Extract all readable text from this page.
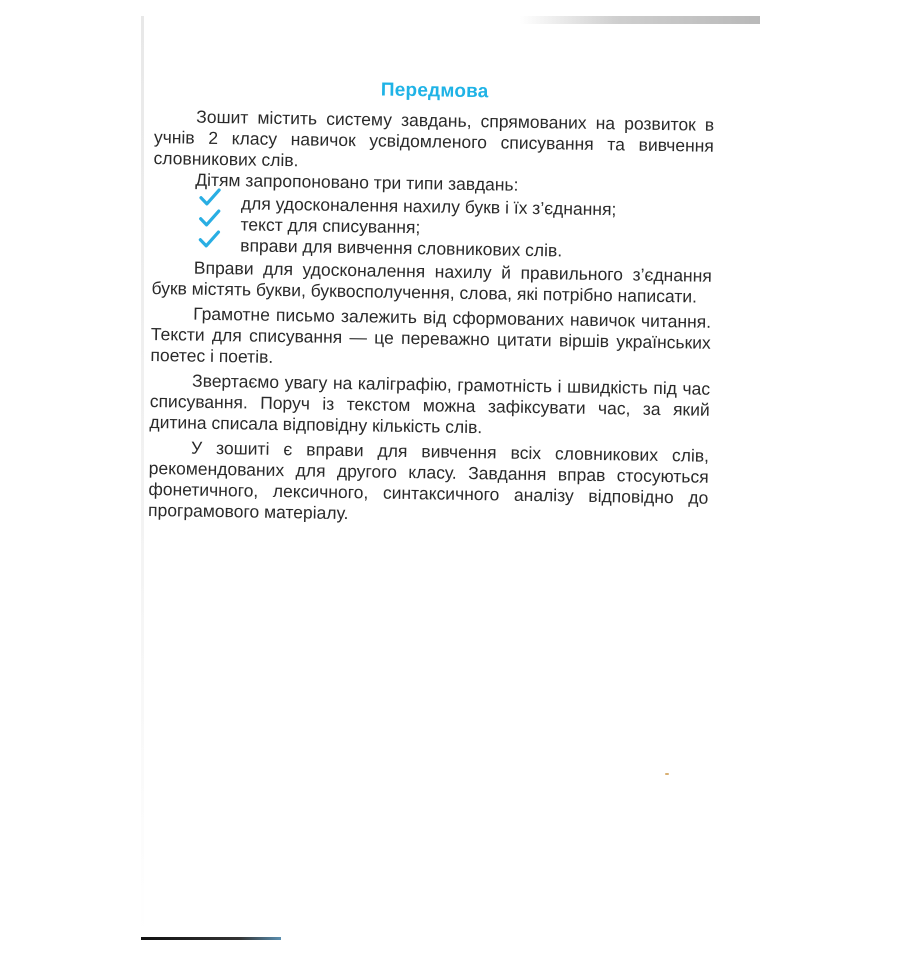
Передмова

Зошит містить систему завдань, спрямованих на розвиток в учнів 2 класу навичок усвідомленого списування та вивчення словникових слів.

Дітям запропоновано три типи завдань:

для удосконалення нахилу букв і їх з’єднання;
текст для списування;
вправи для вивчення словникових слів.

Вправи для удосконалення нахилу й правильного з’єднання букв містять букви, буквосполучення, слова, які потрібно написати.

Грамотне письмо залежить від сформованих навичок читання. Тексти для списування — це переважно цитати віршів українських поетес і поетів.

Звертаємо увагу на каліграфію, грамотність і швидкість під час списування. Поруч із текстом можна зафіксувати час, за який дитина списала відповідну кількість слів.

У зошиті є вправи для вивчення всіх словникових слів, рекомендованих для другого класу. Завдання вправ стосуються фонетичного, лексичного, синтаксичного аналізу відповідно до програмового матеріалу.
